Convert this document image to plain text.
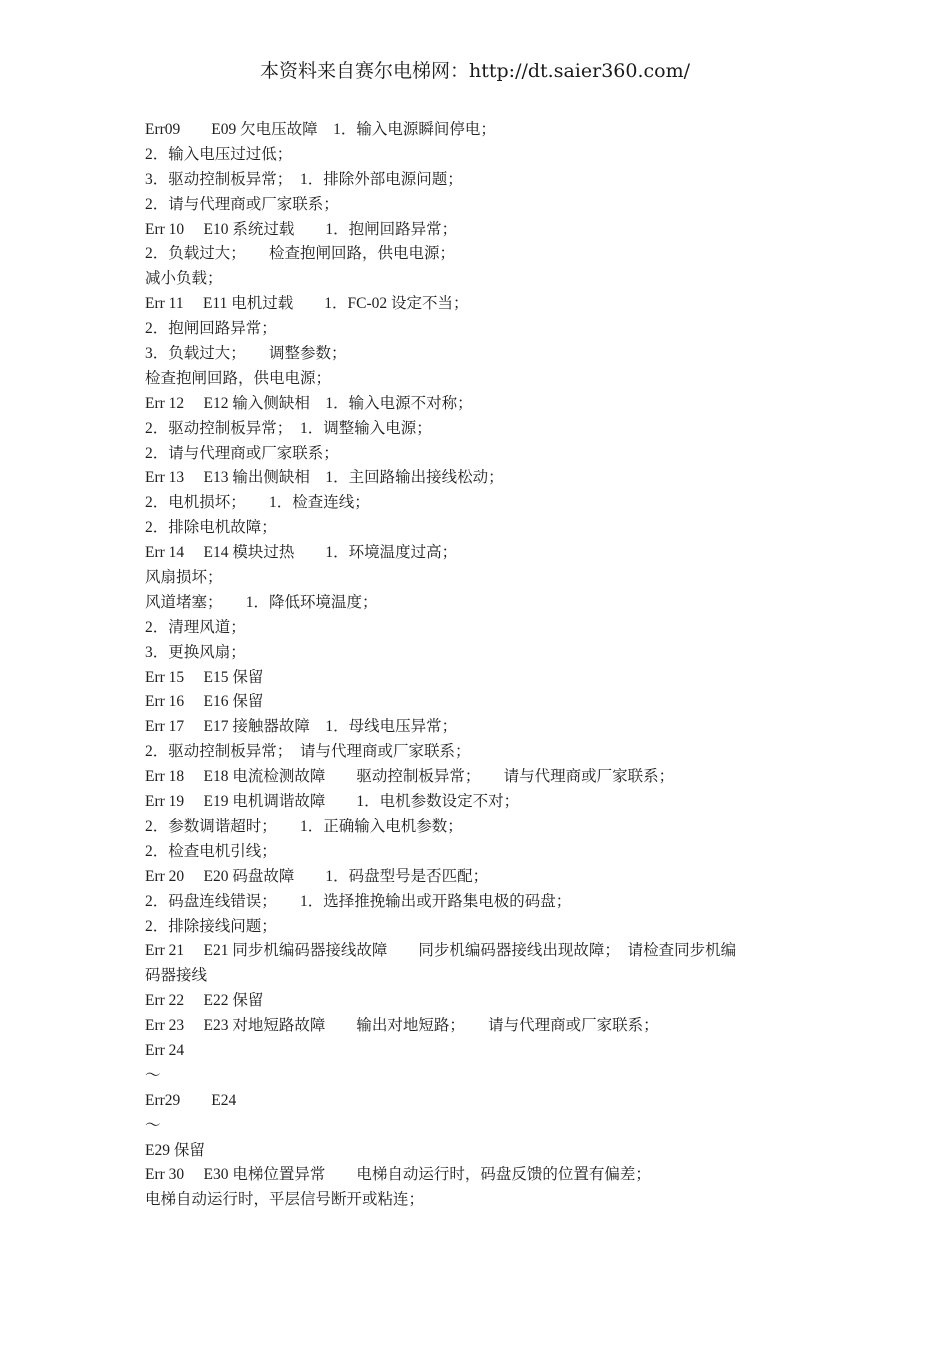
本资料来自赛尔电梯网：http://dt.saier360.com/
Err09　　E09 欠电压故障　1．输入电源瞬间停电；
2．输入电压过过低；
3．驱动控制板异常；　1．排除外部电源问题；
2．请与代理商或厂家联系；
Err 10　 E10 系统过载　　1．抱闸回路异常；
2．负载过大；　　检查抱闸回路，供电电源；
减小负载；
Err 11　 E11 电机过载　　1．FC-02 设定不当；
2．抱闸回路异常；
3．负载过大；　　调整参数；
检查抱闸回路，供电电源；
Err 12　 E12 输入侧缺相　1．输入电源不对称；
2．驱动控制板异常；　1．调整输入电源；
2．请与代理商或厂家联系；
Err 13　 E13 输出侧缺相　1．主回路输出接线松动；
2．电机损坏；　　1．检查连线；
2．排除电机故障；
Err 14　 E14 模块过热　　1．环境温度过高；
风扇损坏；
风道堵塞；　　1．降低环境温度；
2．清理风道；
3．更换风扇；
Err 15　 E15 保留
Err 16　 E16 保留
Err 17　 E17 接触器故障　1．母线电压异常；
2．驱动控制板异常；　请与代理商或厂家联系；
Err 18　 E18 电流检测故障　　驱动控制板异常；　　请与代理商或厂家联系；
Err 19　 E19 电机调谐故障　　1．电机参数设定不对；
2．参数调谐超时；　　1．正确输入电机参数；
2．检查电机引线；
Err 20　 E20 码盘故障　　1．码盘型号是否匹配；
2．码盘连线错误；　　1．选择推挽输出或开路集电极的码盘；
2．排除接线问题；
Err 21　 E21 同步机编码器接线故障　　同步机编码器接线出现故障；　请检查同步机编
码器接线
Err 22　 E22 保留
Err 23　 E23 对地短路故障　　输出对地短路；　　请与代理商或厂家联系；
Err 24
～
Err29　　E24
～
E29 保留
Err 30　 E30 电梯位置异常　　电梯自动运行时，码盘反馈的位置有偏差；
电梯自动运行时，平层信号断开或粘连；
